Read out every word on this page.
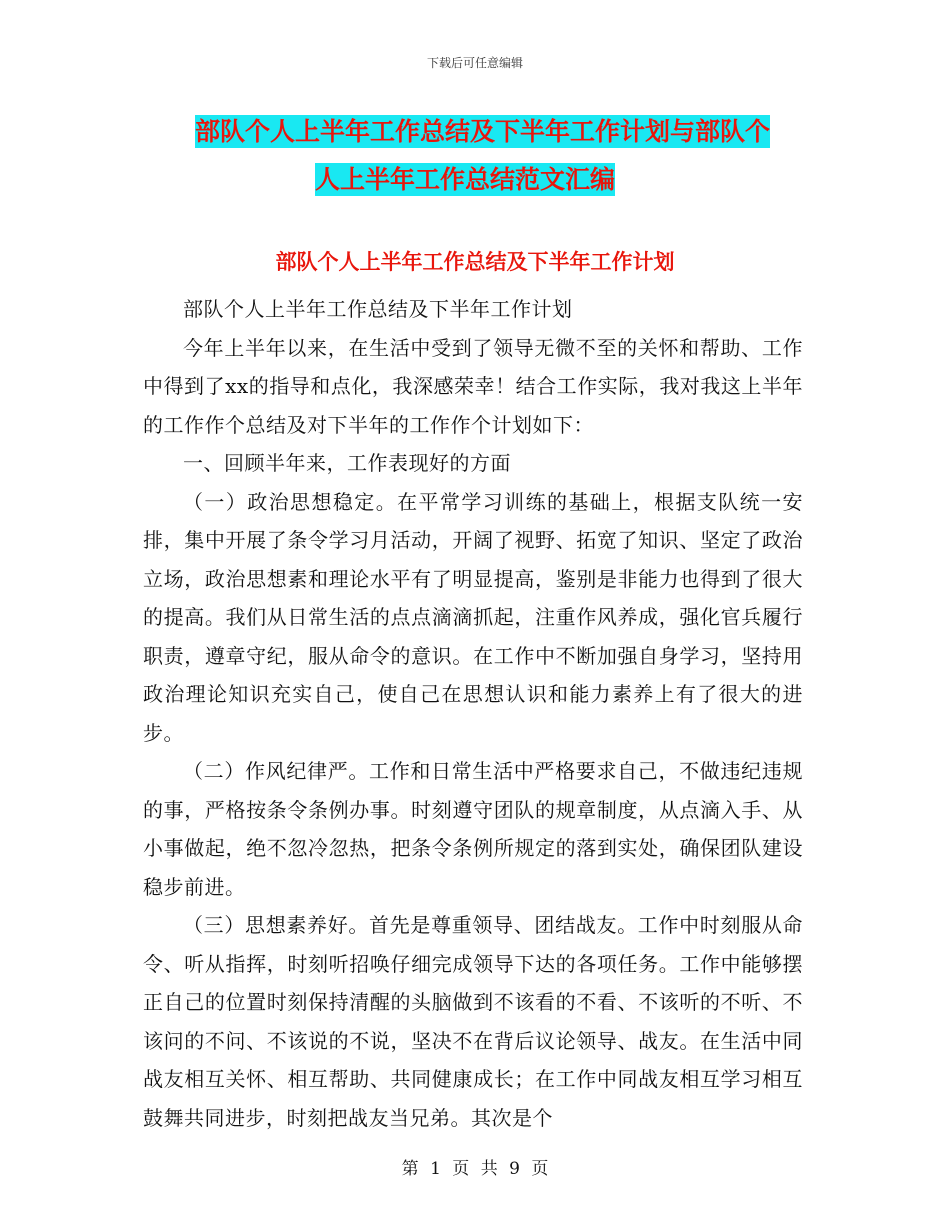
下载后可任意编辑
部队个人上半年工作总结及下半年工作计划与部队个
人上半年工作总结范文汇编
部队个人上半年工作总结及下半年工作计划

部队个人上半年工作总结及下半年工作计划

今年上半年以来，在生活中受到了领导无微不至的关怀和帮助、工作中得到了xx的指导和点化，我深感荣幸！结合工作实际，我对我这上半年的工作作个总结及对下半年的工作作个计划如下：

一、回顾半年来，工作表现好的方面

（一）政治思想稳定。在平常学习训练的基础上，根据支队统一安排，集中开展了条令学习月活动，开阔了视野、拓宽了知识、坚定了政治立场，政治思想素和理论水平有了明显提高，鉴别是非能力也得到了很大的提高。我们从日常生活的点点滴滴抓起，注重作风养成，强化官兵履行职责，遵章守纪，服从命令的意识。在工作中不断加强自身学习，坚持用政治理论知识充实自己，使自己在思想认识和能力素养上有了很大的进步。

（二）作风纪律严。工作和日常生活中严格要求自己，不做违纪违规的事，严格按条令条例办事。时刻遵守团队的规章制度，从点滴入手、从小事做起，绝不忽冷忽热，把条令条例所规定的落到实处，确保团队建设稳步前进。

（三）思想素养好。首先是尊重领导、团结战友。工作中时刻服从命令、听从指挥，时刻听招唤仔细完成领导下达的各项任务。工作中能够摆正自己的位置时刻保持清醒的头脑做到不该看的不看、不该听的不听、不该问的不问、不该说的不说，坚决不在背后议论领导、战友。在生活中同战友相互关怀、相互帮助、共同健康成长；在工作中同战友相互学习相互鼓舞共同进步，时刻把战友当兄弟。其次是个

第 1 页 共 9 页
